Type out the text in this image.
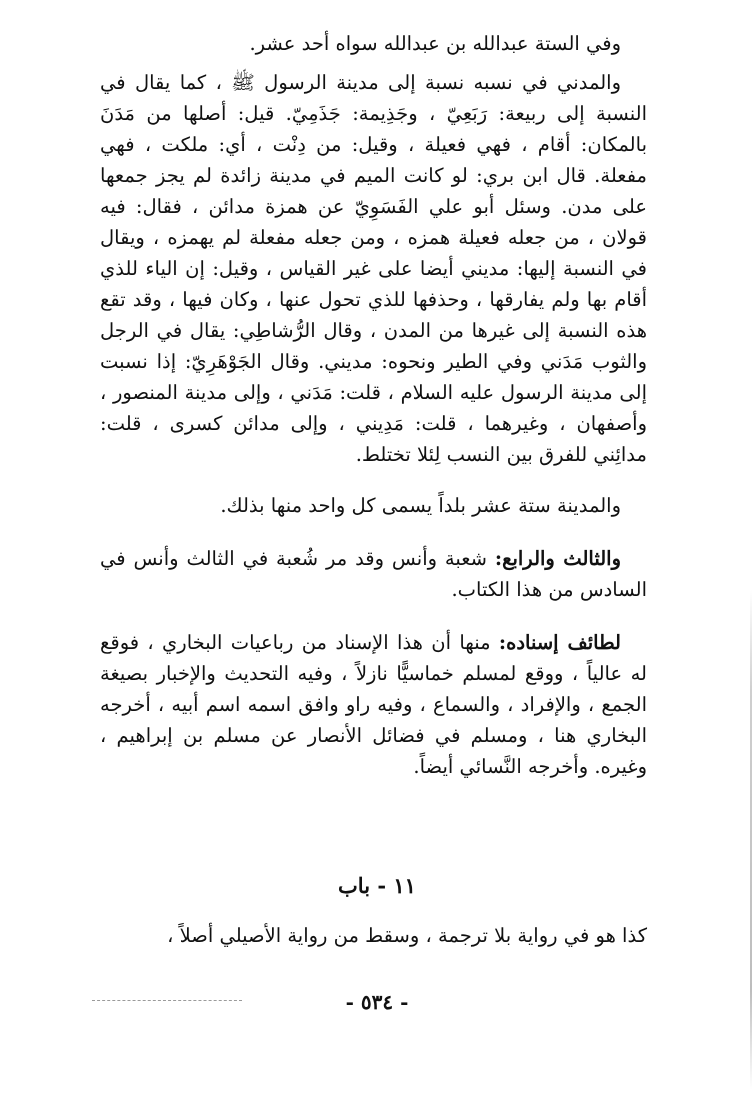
وفي الستة عبدالله بن عبدالله سواه أحد عشر.

والمدني في نسبه نسبة إلى مدينة الرسول ﷺ ، كما يقال في النسبة إلى ربيعة: رَبَعِيّ ، وجَذِيمة: جَذَمِيّ. قيل: أصلها من مَدَنَ بالمكان: أقام ، فهي فعيلة ، وقيل: من دِنْت ، أي: ملكت ، فهي مفعلة. قال ابن بري: لو كانت الميم في مدينة زائدة لم يجز جمعها على مدن. وسئل أبو علي الفَسَوِيّ عن همزة مدائن ، فقال: فيه قولان ، من جعله فعيلة همزه ، ومن جعله مفعلة لم يهمزه ، ويقال في النسبة إليها: مديني أيضا على غير القياس ، وقيل: إن الياء للذي أقام بها ولم يفارقها ، وحذفها للذي تحول عنها ، وكان فيها ، وقد تقع هذه النسبة إلى غيرها من المدن ، وقال الرُّشاطِي: يقال في الرجل والثوب مَدَني وفي الطير ونحوه: مديني. وقال الجَوْهَرِيّ: إذا نسبت إلى مدينة الرسول عليه السلام ، قلت: مَدَني ، وإلى مدينة المنصور ، وأصفهان ، وغيرهما ، قلت: مَدِيني ، وإلى مدائن كسرى ، قلت: مدائِني للفرق بين النسب لِئلا تختلط.

والمدينة ستة عشر بلداً يسمى كل واحد منها بذلك.

والثالث والرابع: شعبة وأنس وقد مر شُعبة في الثالث وأنس في السادس من هذا الكتاب.

لطائف إسناده: منها أن هذا الإسناد من رباعيات البخاري ، فوقع له عالياً ، ووقع لمسلم خماسيًّا نازلاً ، وفيه التحديث والإخبار بصيغة الجمع ، والإفراد ، والسماع ، وفيه راو وافق اسمه اسم أبيه ، أخرجه البخاري هنا ، ومسلم في فضائل الأنصار عن مسلم بن إبراهيم ، وغيره. وأخرجه النَّسائي أيضاً.

١١ - باب
كذا هو في رواية بلا ترجمة ، وسقط من رواية الأصيلي أصلاً ،
- ٥٣٤ -
